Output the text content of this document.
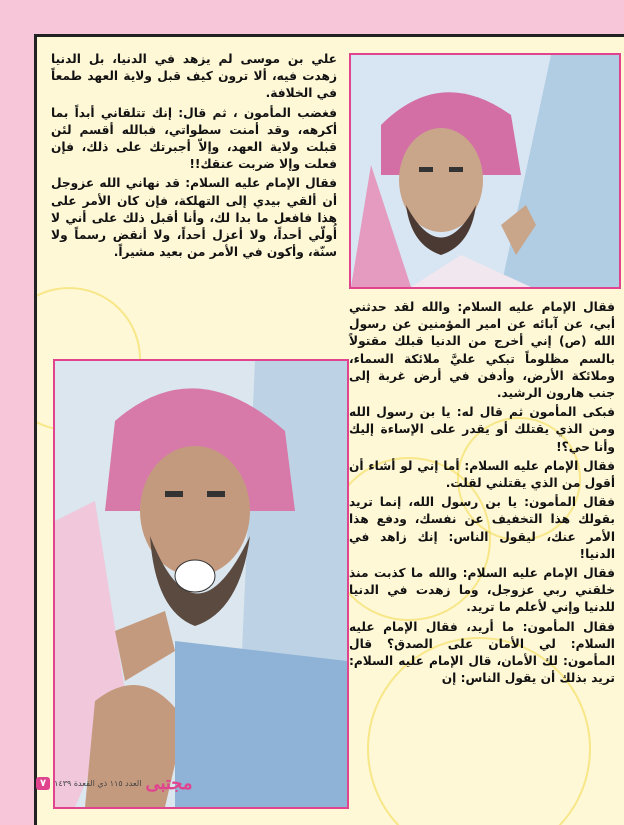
علي بن موسى لم يزهد في الدنيا، بل الدنيا زهدت فيه، ألا ترون كيف قبل ولاية العهد طمعاً في الخلافة.

فغضب المأمون ، ثم قال: إنك تتلقاني أبداً بما أكرهه، وقد أمنت سطواتي، فبالله أقسم لئن قبلت ولاية العهد، وإلاّ أجبرتك على ذلك، فإن فعلت وإلا ضربت عنقك!!

فقال الإمام عليه السلام: قد نهاني الله عزوجل أن ألقي بيدي إلى التهلكة، فإن كان الأمر على هذا فافعل ما بدا لك، وأنا أقبل ذلك على أني لا أُولّي أحداً، ولا أعزل أحداً، ولا أنقض رسماً ولا سنّة، وأكون في الأمر من بعيد مشيراً.

فقال الإمام عليه السلام: والله لقد حدثني أبي، عن آبائه عن امير المؤمنين عن رسول الله (ص) إني أخرج من الدنيا قبلك مقتولاً بالسم مظلوماً تبكي عليَّ ملائكة السماء، وملائكة الأرض، وأدفن في أرض غربة إلى جنب هارون الرشيد.

فبكى المأمون ثم قال له: يا بن رسول الله ومن الذي يقتلك أو يقدر على الإساءة إليك وأنا حي؟!

فقال الإمام عليه السلام: أما إني لو أشاء أن أقول من الذي يقتلني لقلت.

فقال المأمون: يا بن رسول الله، إنما تريد بقولك هذا التخفيف عن نفسك، ودفع هذا الأمر عنك، ليقول الناس: إنك زاهد في الدنيا!

فقال الإمام عليه السلام: والله ما كذبت منذ خلقني ربي عزوجل، وما زهدت في الدنيا للدنيا وإني لأعلم ما تريد.

فقال المأمون: ما أريد، فقال الإمام عليه السلام: لي الأمان على الصدق؟ قال المأمون: لك الأمان، قال الإمام عليه السلام: تريد بذلك أن يقول الناس: إن

مجتبى
العدد ١١٥ ذي القعدة ١٤٣٩
٧
